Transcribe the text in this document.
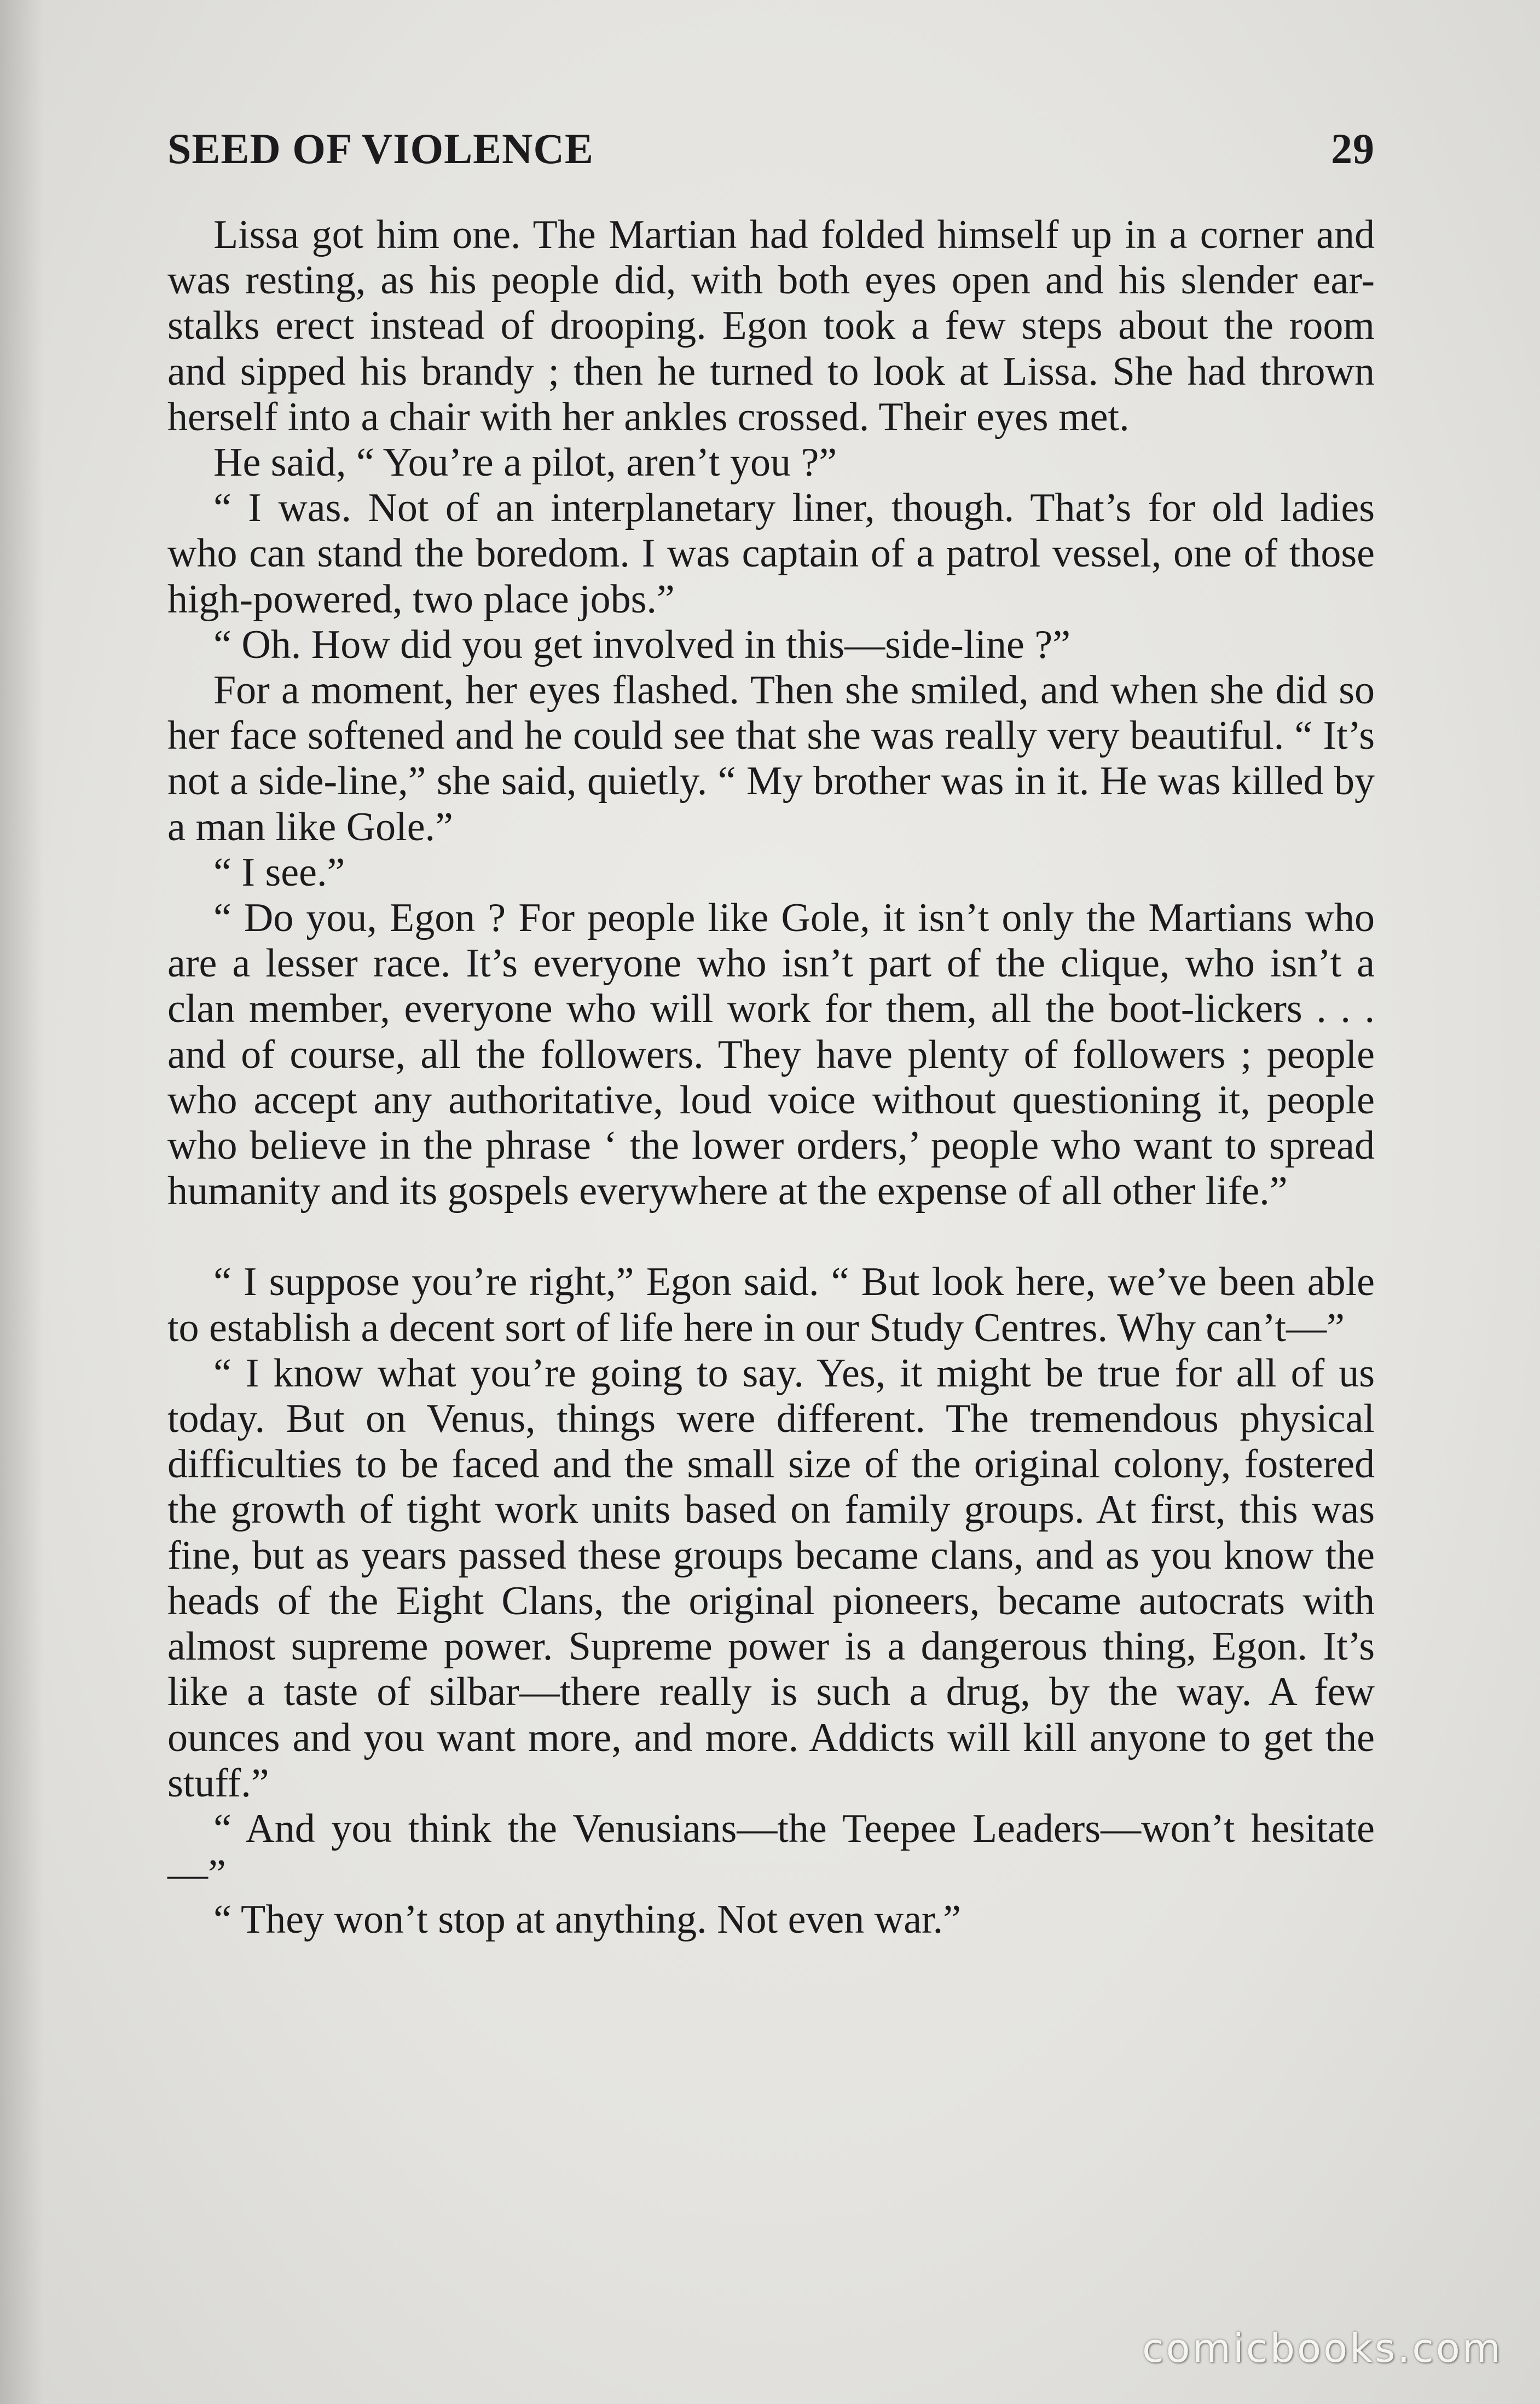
SEED OF VIOLENCE	29

Lissa got him one. The Martian had folded himself up in a corner and was resting, as his people did, with both eyes open and his slender ear-stalks erect instead of drooping. Egon took a few steps about the room and sipped his brandy ; then he turned to look at Lissa. She had thrown herself into a chair with her ankles crossed. Their eyes met.

He said, “ You’re a pilot, aren’t you ?”

“ I was. Not of an interplanetary liner, though. That’s for old ladies who can stand the boredom. I was captain of a patrol vessel, one of those high-powered, two place jobs.”

“ Oh. How did you get involved in this—side-line ?”

For a moment, her eyes flashed. Then she smiled, and when she did so her face softened and he could see that she was really very beautiful. “ It’s not a side-line,” she said, quietly. “ My brother was in it. He was killed by a man like Gole.”

“ I see.”

“ Do you, Egon ? For people like Gole, it isn’t only the Martians who are a lesser race. It’s everyone who isn’t part of the clique, who isn’t a clan member, everyone who will work for them, all the boot-lickers . . . and of course, all the followers. They have plenty of followers ; people who accept any authoritative, loud voice without questioning it, people who believe in the phrase ‘ the lower orders,’ people who want to spread humanity and its gospels everywhere at the expense of all other life.”

“ I suppose you’re right,” Egon said. “ But look here, we’ve been able to establish a decent sort of life here in our Study Centres. Why can’t—”

“ I know what you’re going to say. Yes, it might be true for all of us today. But on Venus, things were different. The tremendous physical difficulties to be faced and the small size of the original colony, fostered the growth of tight work units based on family groups. At first, this was fine, but as years passed these groups became clans, and as you know the heads of the Eight Clans, the original pioneers, became autocrats with almost supreme power. Supreme power is a dangerous thing, Egon. It’s like a taste of silbar—there really is such a drug, by the way. A few ounces and you want more, and more. Addicts will kill anyone to get the stuff.”

“ And you think the Venusians—the Teepee Leaders—won’t hesitate—”

“ They won’t stop at anything. Not even war.”

comicbooks.com
